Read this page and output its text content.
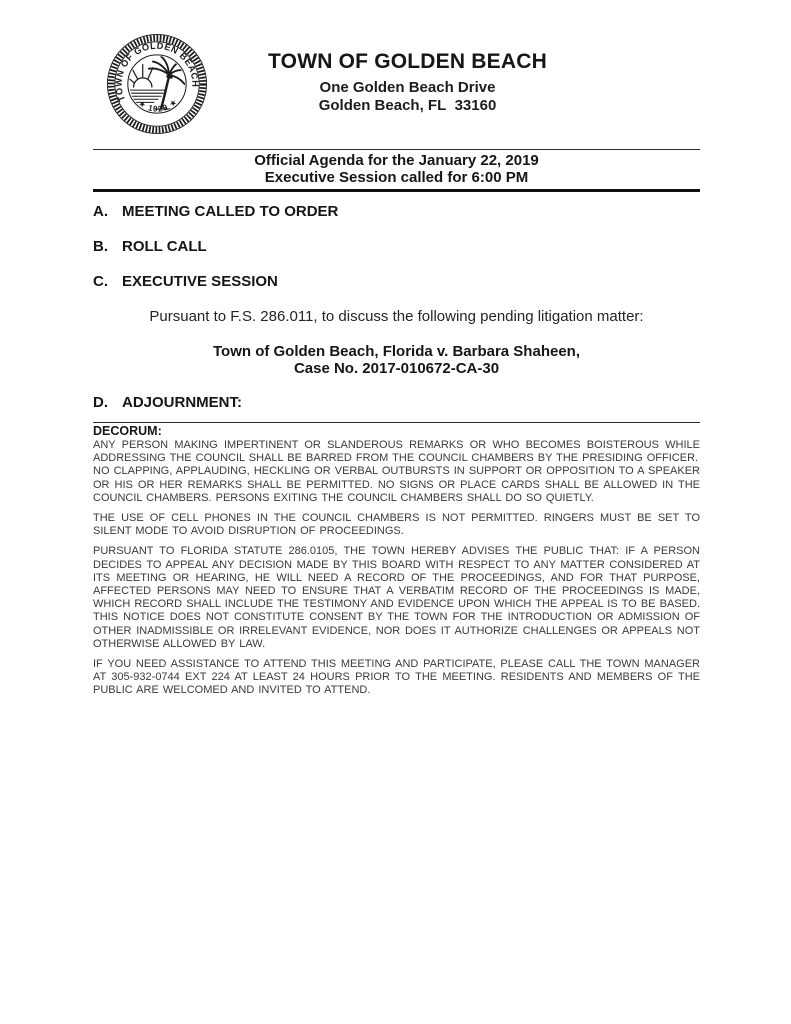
TOWN OF GOLDEN BEACH
★ 1929 ★
TOWN OF GOLDEN BEACH
One Golden Beach Drive
Golden Beach, FL  33160
Official Agenda for the January 22, 2019
Executive Session called for 6:00 PM
A. MEETING CALLED TO ORDER
B. ROLL CALL
C. EXECUTIVE SESSION
Pursuant to F.S. 286.011, to discuss the following pending litigation matter:
Town of Golden Beach, Florida v. Barbara Shaheen,
Case No. 2017-010672-CA-30
D. ADJOURNMENT:
DECORUM:

ANY PERSON MAKING IMPERTINENT OR SLANDEROUS REMARKS OR WHO BECOMES BOISTEROUS WHILE ADDRESSING THE COUNCIL SHALL BE BARRED FROM THE COUNCIL CHAMBERS BY THE PRESIDING OFFICER.

NO CLAPPING, APPLAUDING, HECKLING OR VERBAL OUTBURSTS IN SUPPORT OR OPPOSITION TO A SPEAKER OR HIS OR HER REMARKS SHALL BE PERMITTED. NO SIGNS OR PLACE CARDS SHALL BE ALLOWED IN THE COUNCIL CHAMBERS. PERSONS EXITING THE COUNCIL CHAMBERS SHALL DO SO QUIETLY.

THE USE OF CELL PHONES IN THE COUNCIL CHAMBERS IS NOT PERMITTED. RINGERS MUST BE SET TO SILENT MODE TO AVOID DISRUPTION OF PROCEEDINGS.

PURSUANT TO FLORIDA STATUTE 286.0105, THE TOWN HEREBY ADVISES THE PUBLIC THAT: IF A PERSON DECIDES TO APPEAL ANY DECISION MADE BY THIS BOARD WITH RESPECT TO ANY MATTER CONSIDERED AT ITS MEETING OR HEARING, HE WILL NEED A RECORD OF THE PROCEEDINGS, AND FOR THAT PURPOSE, AFFECTED PERSONS MAY NEED TO ENSURE THAT A VERBATIM RECORD OF THE PROCEEDINGS IS MADE, WHICH RECORD SHALL INCLUDE THE TESTIMONY AND EVIDENCE UPON WHICH THE APPEAL IS TO BE BASED. THIS NOTICE DOES NOT CONSTITUTE CONSENT BY THE TOWN FOR THE INTRODUCTION OR ADMISSION OF OTHER INADMISSIBLE OR IRRELEVANT EVIDENCE, NOR DOES IT AUTHORIZE CHALLENGES OR APPEALS NOT OTHERWISE ALLOWED BY LAW.

IF YOU NEED ASSISTANCE TO ATTEND THIS MEETING AND PARTICIPATE, PLEASE CALL THE TOWN MANAGER AT 305-932-0744 EXT 224 AT LEAST 24 HOURS PRIOR TO THE MEETING. RESIDENTS AND MEMBERS OF THE PUBLIC ARE WELCOMED AND INVITED TO ATTEND.
